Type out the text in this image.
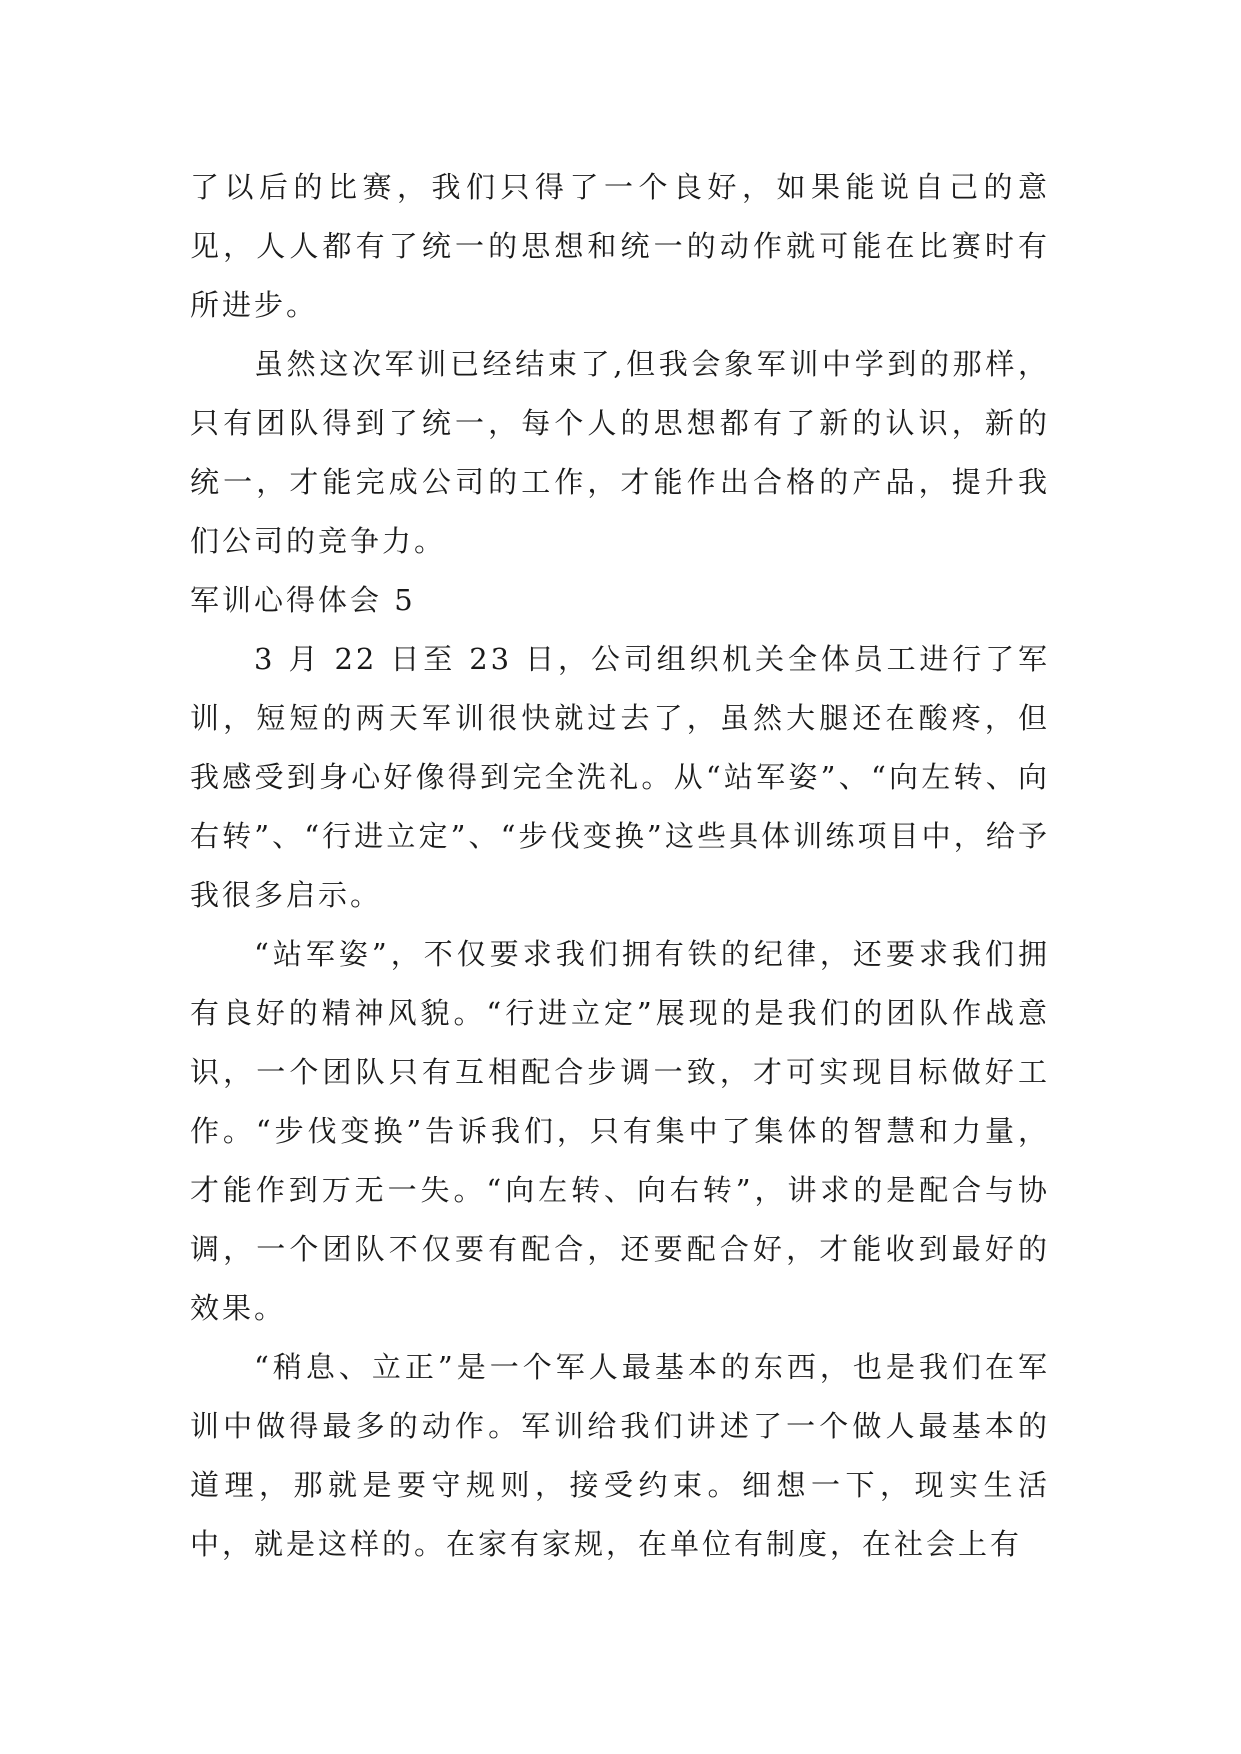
了以后的比赛，我们只得了一个良好，如果能说自己的意见，人人都有了统一的思想和统一的动作就可能在比赛时有所进步。

虽然这次军训已经结束了,但我会象军训中学到的那样，只有团队得到了统一，每个人的思想都有了新的认识，新的统一，才能完成公司的工作，才能作出合格的产品，提升我们公司的竞争力。

军训心得体会 5

3 月 22 日至 23 日，公司组织机关全体员工进行了军训，短短的两天军训很快就过去了，虽然大腿还在酸疼，但我感受到身心好像得到完全洗礼。从“站军姿”、“向左转、向右转”、“行进立定”、“步伐变换”这些具体训练项目中，给予我很多启示。

“站军姿”，不仅要求我们拥有铁的纪律，还要求我们拥有良好的精神风貌。“行进立定”展现的是我们的团队作战意识，一个团队只有互相配合步调一致，才可实现目标做好工作。“步伐变换”告诉我们，只有集中了集体的智慧和力量，才能作到万无一失。“向左转、向右转”，讲求的是配合与协调，一个团队不仅要有配合，还要配合好，才能收到最好的效果。

“稍息、立正”是一个军人最基本的东西，也是我们在军训中做得最多的动作。军训给我们讲述了一个做人最基本的道理，那就是要守规则，接受约束。细想一下，现实生活中，就是这样的。在家有家规，在单位有制度，在社会上有
